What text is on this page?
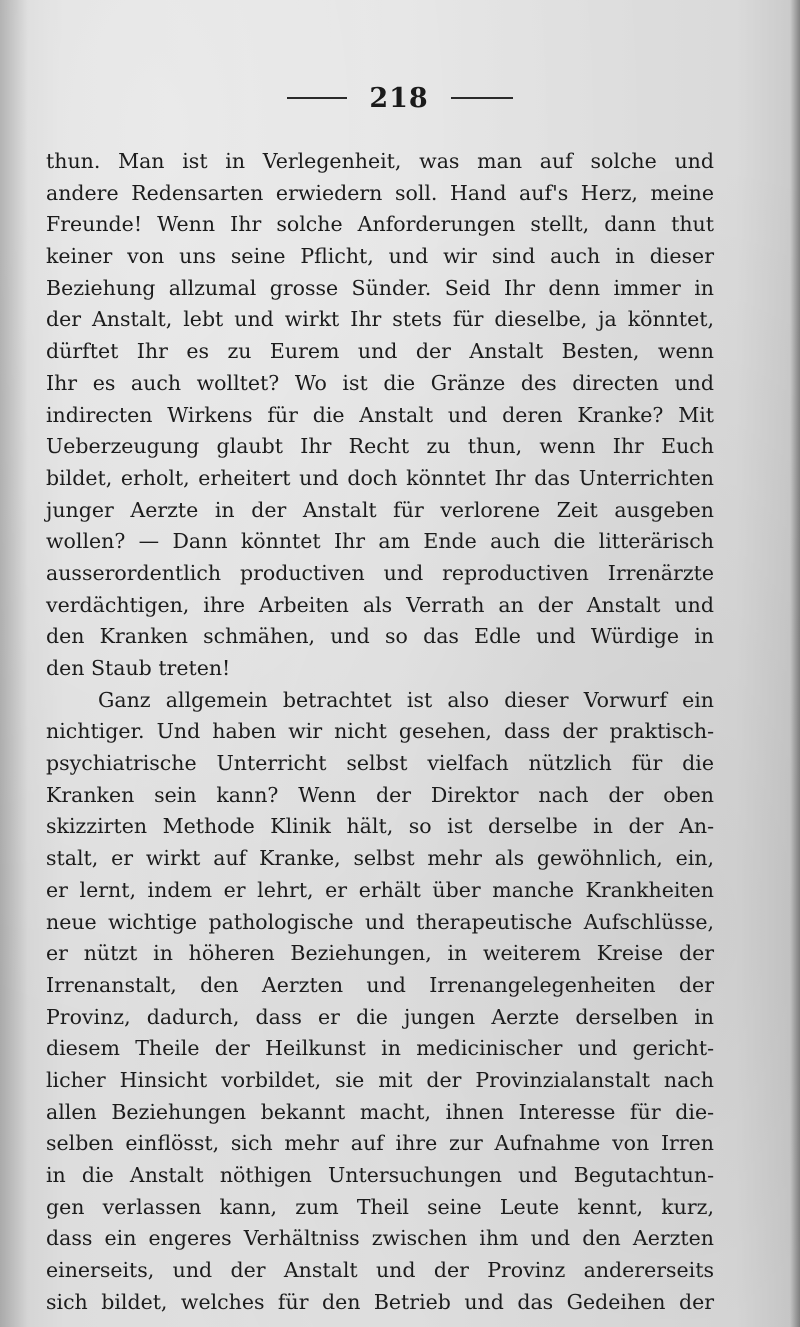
218
thun. Man ist in Verlegenheit, was man auf solche und
andere Redensarten erwiedern soll. Hand auf's Herz, meine
Freunde! Wenn Ihr solche Anforderungen stellt, dann thut
keiner von uns seine Pflicht, und wir sind auch in dieser
Beziehung allzumal grosse Sünder. Seid Ihr denn immer in
der Anstalt, lebt und wirkt Ihr stets für dieselbe, ja könntet,
dürftet Ihr es zu Eurem und der Anstalt Besten, wenn
Ihr es auch wolltet? Wo ist die Gränze des directen und
indirecten Wirkens für die Anstalt und deren Kranke? Mit
Ueberzeugung glaubt Ihr Recht zu thun, wenn Ihr Euch
bildet, erholt, erheitert und doch könntet Ihr das Unterrichten
junger Aerzte in der Anstalt für verlorene Zeit ausgeben
wollen? — Dann könntet Ihr am Ende auch die litterärisch
ausserordentlich productiven und reproductiven Irrenärzte
verdächtigen, ihre Arbeiten als Verrath an der Anstalt und
den Kranken schmähen, und so das Edle und Würdige in
den Staub treten!
Ganz allgemein betrachtet ist also dieser Vorwurf ein
nichtiger. Und haben wir nicht gesehen, dass der praktisch-
psychiatrische Unterricht selbst vielfach nützlich für die
Kranken sein kann? Wenn der Direktor nach der oben
skizzirten Methode Klinik hält, so ist derselbe in der An-
stalt, er wirkt auf Kranke, selbst mehr als gewöhnlich, ein,
er lernt, indem er lehrt, er erhält über manche Krankheiten
neue wichtige pathologische und therapeutische Aufschlüsse,
er nützt in höheren Beziehungen, in weiterem Kreise der
Irrenanstalt, den Aerzten und Irrenangelegenheiten der
Provinz, dadurch, dass er die jungen Aerzte derselben in
diesem Theile der Heilkunst in medicinischer und gericht-
licher Hinsicht vorbildet, sie mit der Provinzialanstalt nach
allen Beziehungen bekannt macht, ihnen Interesse für die-
selben einflösst, sich mehr auf ihre zur Aufnahme von Irren
in die Anstalt nöthigen Untersuchungen und Begutachtun-
gen verlassen kann, zum Theil seine Leute kennt, kurz,
dass ein engeres Verhältniss zwischen ihm und den Aerzten
einerseits, und der Anstalt und der Provinz andererseits
sich bildet, welches für den Betrieb und das Gedeihen der
